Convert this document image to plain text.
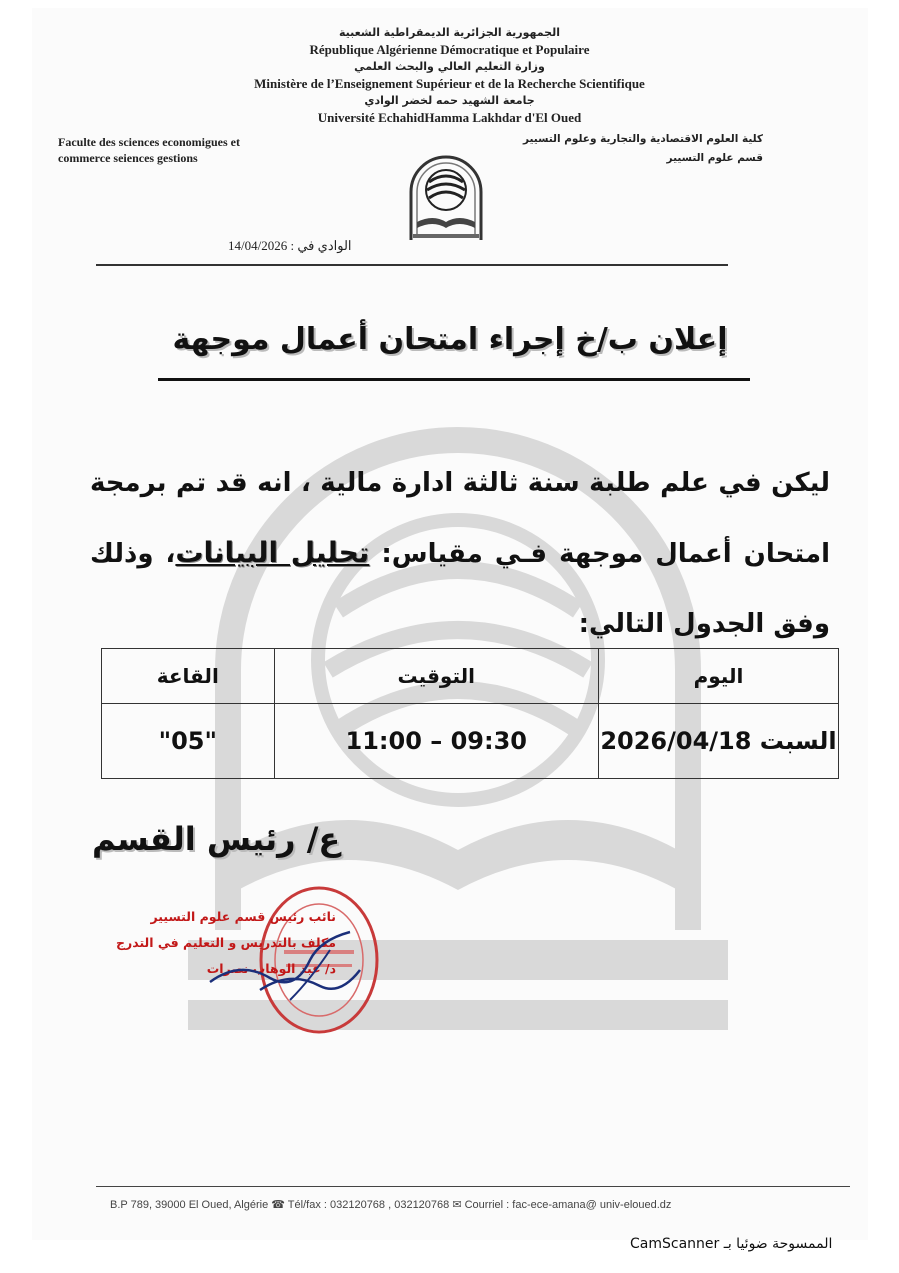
الجمهورية الجزائرية الديمقراطية الشعبية
République Algérienne Démocratique et Populaire
وزارة التعليم العالي والبحث العلمي
Ministère de l’Enseignement Supérieur et de la Recherche Scientifique
جامعة الشهيد حمه لخضر الوادي
Université EchahidHamma Lakhdar d'El Oued
Faculte des sciences economigues et
commerce seiences gestions
كلية العلوم الاقتصادية والتجارية وعلوم التسيير
قسم علوم التسيير
الوادي في : 14/04/2026
إعلان ب/خ إجراء امتحان أعمال موجهة
ليكن في علم طلبة سنة ثالثة ادارة مالية ، انه قد تم برمجة امتحان أعمال موجهة فـي مقياس: تحليل البيانات، وذلك وفق الجدول التالي:
اليوم	التوقيت	القاعة
السبت 2026/04/18	11:00 – 09:30	"05"
ع/ رئيس القسم
نائب رئيس قسم علوم التسيير
مكلف بالتدريس و التعليم في التدرج
د/ عبد الوهاب نصرات
B.P 789, 39000 El Oued, Algérie ☎ Tél/fax : 032120768 , 032120768 ✉ Courriel : fac-ece-amana@ univ-eloued.dz
الممسوحة ضوئيا بـ CamScanner
